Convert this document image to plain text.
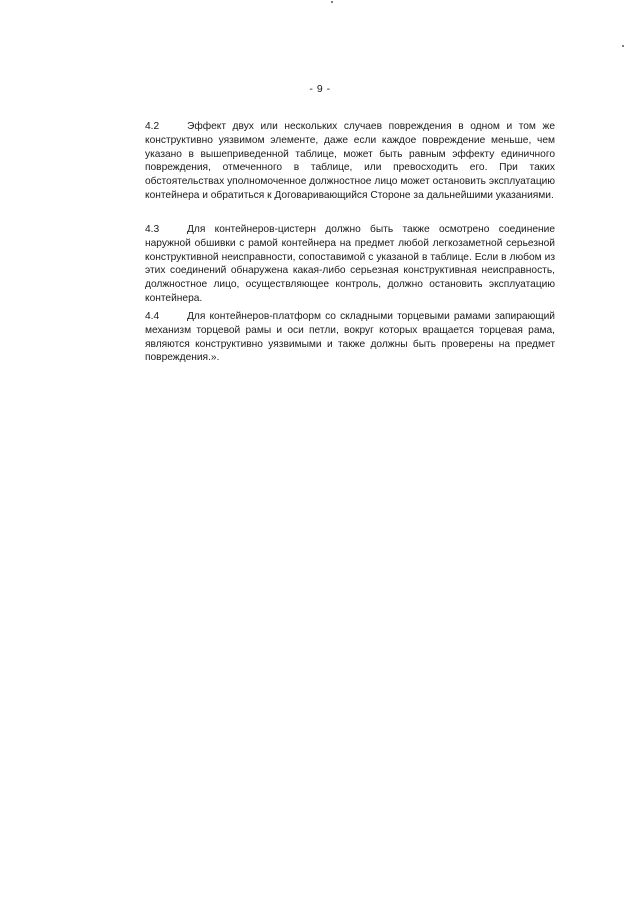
- 9 -
4.2	Эффект двух или нескольких случаев повреждения в одном и том же конструктивно уязвимом элементе, даже если каждое повреждение меньше, чем указано в вышеприведенной таблице, может быть равным эффекту единичного повреждения, отмеченного в таблице, или превосходить его. При таких обстоятельствах уполномоченное должностное лицо может остановить эксплуатацию контейнера и обратиться к Договаривающийся Стороне за дальнейшими указаниями.
4.3	Для контейнеров-цистерн должно быть также осмотрено соединение наружной обшивки с рамой контейнера на предмет любой легкозаметной серьезной конструктивной неисправности, сопоставимой с указаной в таблице. Если в любом из этих соединений обнаружена какая-либо серьезная конструктивная неисправность, должностное лицо, осуществляющее контроль, должно остановить эксплуатацию контейнера.
4.4	Для контейнеров-платформ со складными торцевыми рамами запирающий механизм торцевой рамы и оси петли, вокруг которых вращается торцевая рама, являются конструктивно уязвимыми и также должны быть проверены на предмет повреждения.».
